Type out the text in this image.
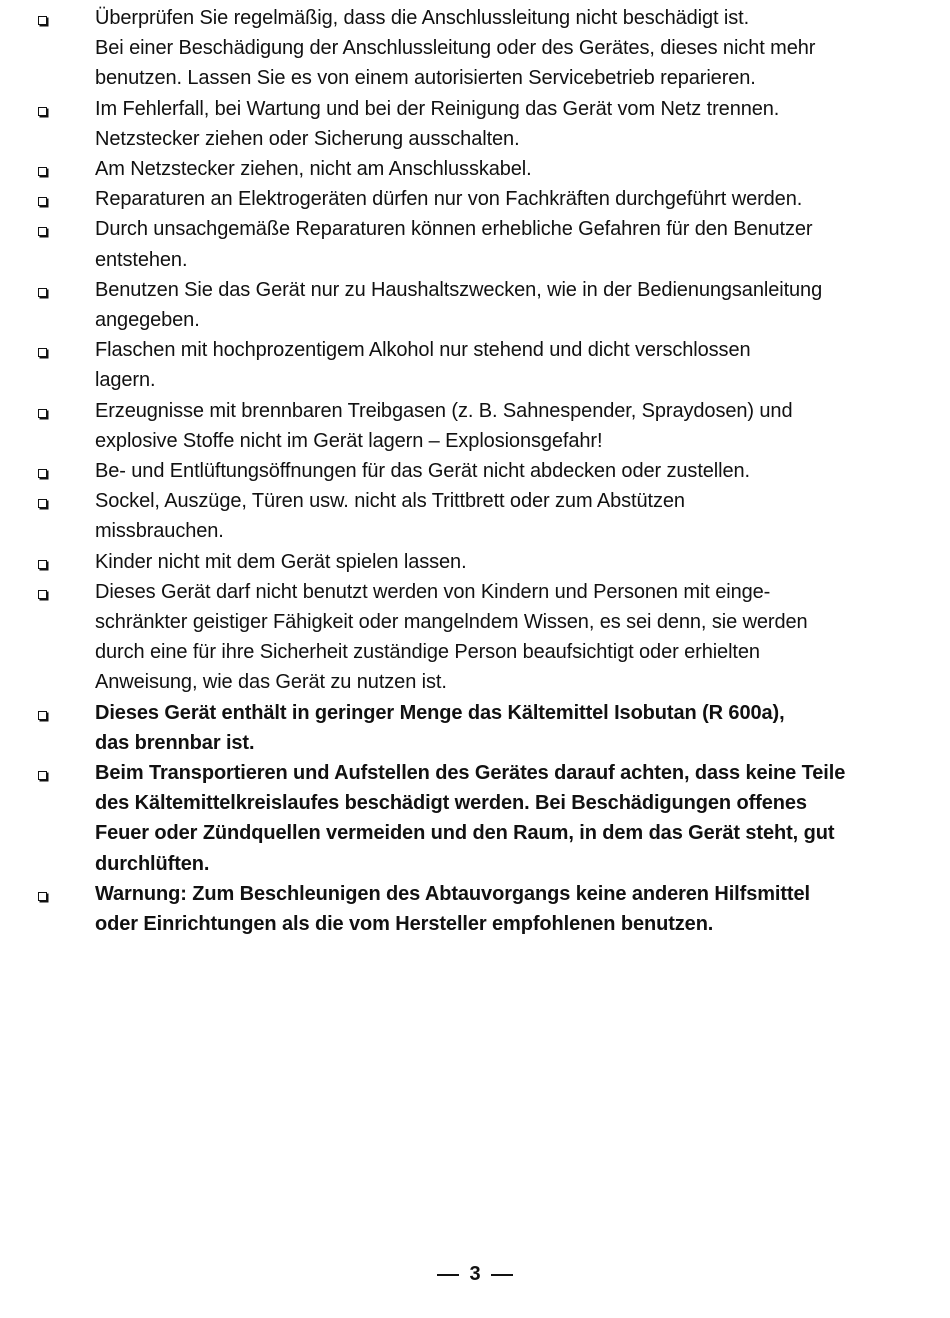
Überprüfen Sie regelmäßig, dass die Anschlussleitung nicht beschädigt ist.
Bei einer Beschädigung der Anschlussleitung oder des Gerätes, dieses nicht mehr
benutzen. Lassen Sie es von einem autorisierten Servicebetrieb reparieren.
Im Fehlerfall, bei Wartung und bei der Reinigung das Gerät vom Netz trennen.
Netzstecker ziehen oder Sicherung ausschalten.
Am Netzstecker ziehen, nicht am Anschlusskabel.
Reparaturen an Elektrogeräten dürfen nur von Fachkräften durchgeführt werden.
Durch unsachgemäße Reparaturen können erhebliche Gefahren für den Benutzer
entstehen.
Benutzen Sie das Gerät nur zu Haushaltszwecken, wie in der Bedienungsanleitung
angegeben.
Flaschen mit hochprozentigem Alkohol nur stehend und dicht verschlossen
lagern.
Erzeugnisse mit brennbaren Treibgasen (z. B. Sahnespender, Spraydosen) und
explosive Stoffe nicht im Gerät lagern – Explosionsgefahr!
Be- und Entlüftungsöffnungen für das Gerät nicht abdecken oder zustellen.
Sockel, Auszüge, Türen usw. nicht als Trittbrett oder zum Abstützen
missbrauchen.
Kinder nicht mit dem Gerät spielen lassen.
Dieses Gerät darf nicht benutzt werden von Kindern und Personen mit einge-
schränkter geistiger Fähigkeit oder mangelndem Wissen, es sei denn, sie werden
durch eine für ihre Sicherheit zuständige Person beaufsichtigt oder erhielten
Anweisung, wie das Gerät zu nutzen ist.
Dieses Gerät enthält in geringer Menge das Kältemittel Isobutan (R 600a),
das brennbar ist.
Beim Transportieren und Aufstellen des Gerätes darauf achten, dass keine Teile
des Kältemittelkreislaufes beschädigt werden. Bei Beschädigungen offenes
Feuer oder Zündquellen vermeiden und den Raum, in dem das Gerät steht, gut
durchlüften.
Warnung: Zum Beschleunigen des Abtauvorgangs keine anderen Hilfsmittel
oder Einrichtungen als die vom Hersteller empfohlenen benutzen.
3
